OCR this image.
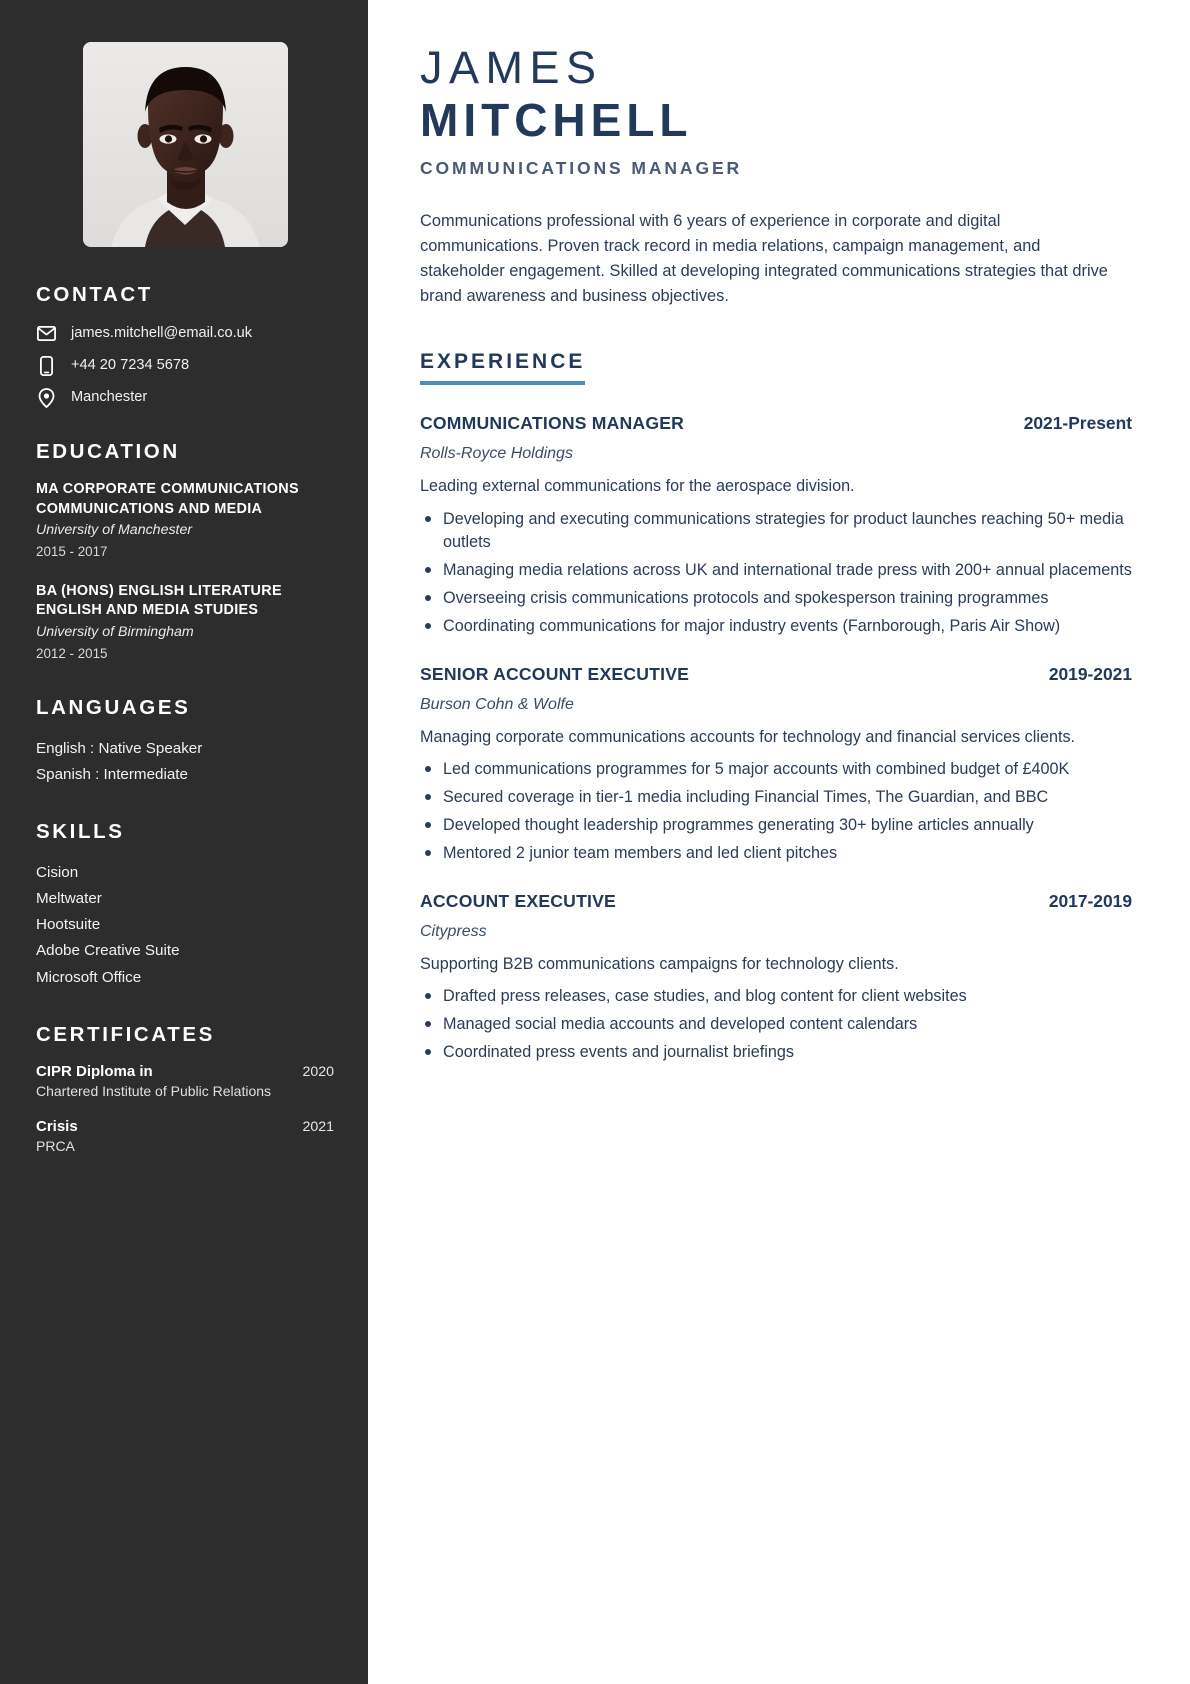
CONTACT
james.mitchell@email.co.uk
+44 20 7234 5678
Manchester
EDUCATION
MA CORPORATE COMMUNICATIONS COMMUNICATIONS AND MEDIA
University of Manchester
2015 - 2017
BA (HONS) ENGLISH LITERATURE ENGLISH AND MEDIA STUDIES
University of Birmingham
2012 - 2015
LANGUAGES
English : Native Speaker
Spanish : Intermediate
SKILLS
Cision
Meltwater
Hootsuite
Adobe Creative Suite
Microsoft Office
CERTIFICATES
CIPR Diploma in	2020
Chartered Institute of Public Relations
Crisis	2021
PRCA
JAMES
MITCHELL
COMMUNICATIONS MANAGER

Communications professional with 6 years of experience in corporate and digital communications. Proven track record in media relations, campaign management, and stakeholder engagement. Skilled at developing integrated communications strategies that drive brand awareness and business objectives.

EXPERIENCE
COMMUNICATIONS MANAGER	2021-Present
Rolls-Royce Holdings
Leading external communications for the aerospace division.
Developing and executing communications strategies for product launches reaching 50+ media outlets
Managing media relations across UK and international trade press with 200+ annual placements
Overseeing crisis communications protocols and spokesperson training programmes
Coordinating communications for major industry events (Farnborough, Paris Air Show)
SENIOR ACCOUNT EXECUTIVE	2019-2021
Burson Cohn & Wolfe
Managing corporate communications accounts for technology and financial services clients.
Led communications programmes for 5 major accounts with combined budget of £400K
Secured coverage in tier-1 media including Financial Times, The Guardian, and BBC
Developed thought leadership programmes generating 30+ byline articles annually
Mentored 2 junior team members and led client pitches
ACCOUNT EXECUTIVE	2017-2019
Citypress
Supporting B2B communications campaigns for technology clients.
Drafted press releases, case studies, and blog content for client websites
Managed social media accounts and developed content calendars
Coordinated press events and journalist briefings
